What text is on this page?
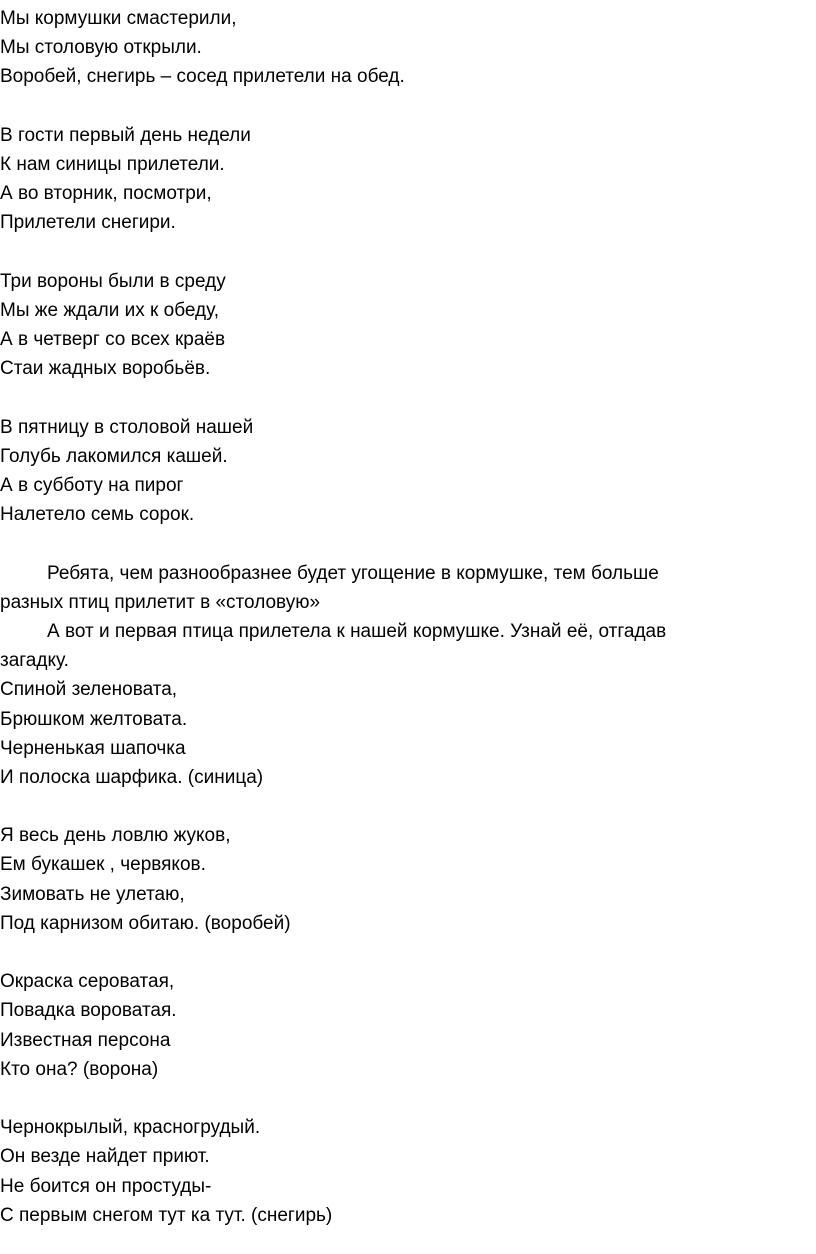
Мы кормушки смастерили,
Мы столовую открыли.
Воробей, снегирь – сосед прилетели на обед.
В гости первый день недели
К нам синицы прилетели.
А во вторник, посмотри,
Прилетели снегири.
Три вороны были в среду
Мы же ждали их к обеду,
А в четверг со всех краёв
Стаи жадных воробьёв.
В пятницу в столовой нашей
Голубь лакомился кашей.
А в субботу на пирог
Налетело семь сорок.
Ребята, чем разнообразнее будет угощение в кормушке, тем больше
разных птиц прилетит в «столовую»
А вот и первая птица прилетела к нашей кормушке. Узнай её, отгадав
загадку.
Спиной зеленовата,
Брюшком желтовата.
Черненькая шапочка
И полоска шарфика. (синица)
Я весь день ловлю жуков,
Ем букашек , червяков.
Зимовать не улетаю,
Под карнизом обитаю. (воробей)
Окраска сероватая,
Повадка вороватая.
Известная персона
Кто она? (ворона)
Чернокрылый, красногрудый.
Он везде найдет приют.
Не боится он простуды-
С первым снегом тут ка тут. (снегирь)
